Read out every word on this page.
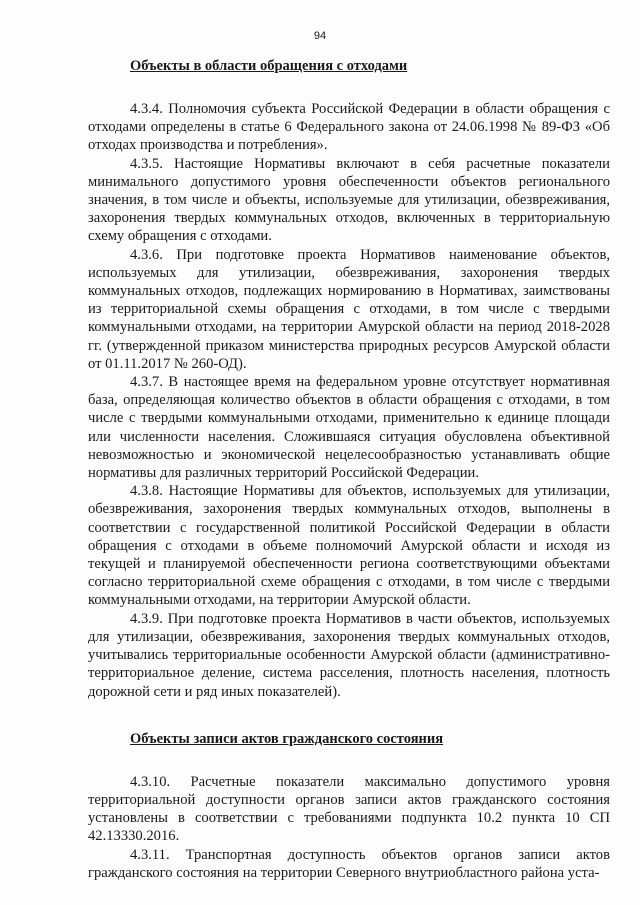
94
Объекты в области обращения с отходами

4.3.4. Полномочия субъекта Российской Федерации в области обращения с отходами определены в статье 6 Федерального закона от 24.06.1998 № 89-ФЗ «Об отходах производства и потребления».

4.3.5. Настоящие Нормативы включают в себя расчетные показатели минимального допустимого уровня обеспеченности объектов регионального значения, в том числе и объекты, используемые для утилизации, обезвреживания, захоронения твердых коммунальных отходов, включенных в территориальную схему обращения с отходами.

4.3.6. При подготовке проекта Нормативов наименование объектов, используемых для утилизации, обезвреживания, захоронения твердых коммунальных отходов, подлежащих нормированию в Нормативах, заимствованы из территориальной схемы обращения с отходами, в том числе с твердыми коммунальными отходами, на территории Амурской области на период 2018-2028 гг. (утвержденной приказом министерства природных ресурсов Амурской области от 01.11.2017 № 260-ОД).

4.3.7. В настоящее время на федеральном уровне отсутствует нормативная база, определяющая количество объектов в области обращения с отходами, в том числе с твердыми коммунальными отходами, применительно к единице площади или численности населения. Сложившаяся ситуация обусловлена объективной невозможностью и экономической нецелесообразностью устанавливать общие нормативы для различных территорий Российской Федерации.

4.3.8. Настоящие Нормативы для объектов, используемых для утилизации, обезвреживания, захоронения твердых коммунальных отходов, выполнены в соответствии с государственной политикой Российской Федерации в области обращения с отходами в объеме полномочий Амурской области и исходя из текущей и планируемой обеспеченности региона соответствующими объектами согласно территориальной схеме обращения с отходами, в том числе с твердыми коммунальными отходами, на территории Амурской области.

4.3.9. При подготовке проекта Нормативов в части объектов, используемых для утилизации, обезвреживания, захоронения твердых коммунальных отходов, учитывались территориальные особенности Амурской области (административно-территориальное деление, система расселения, плотность населения, плотность дорожной сети и ряд иных показателей).

Объекты записи актов гражданского состояния

4.3.10. Расчетные показатели максимально допустимого уровня территориальной доступности органов записи актов гражданского состояния установлены в соответствии с требованиями подпункта 10.2 пункта 10 СП 42.13330.2016.

4.3.11. Транспортная доступность объектов органов записи актов гражданского состояния на территории Северного внутриобластного района уста-
